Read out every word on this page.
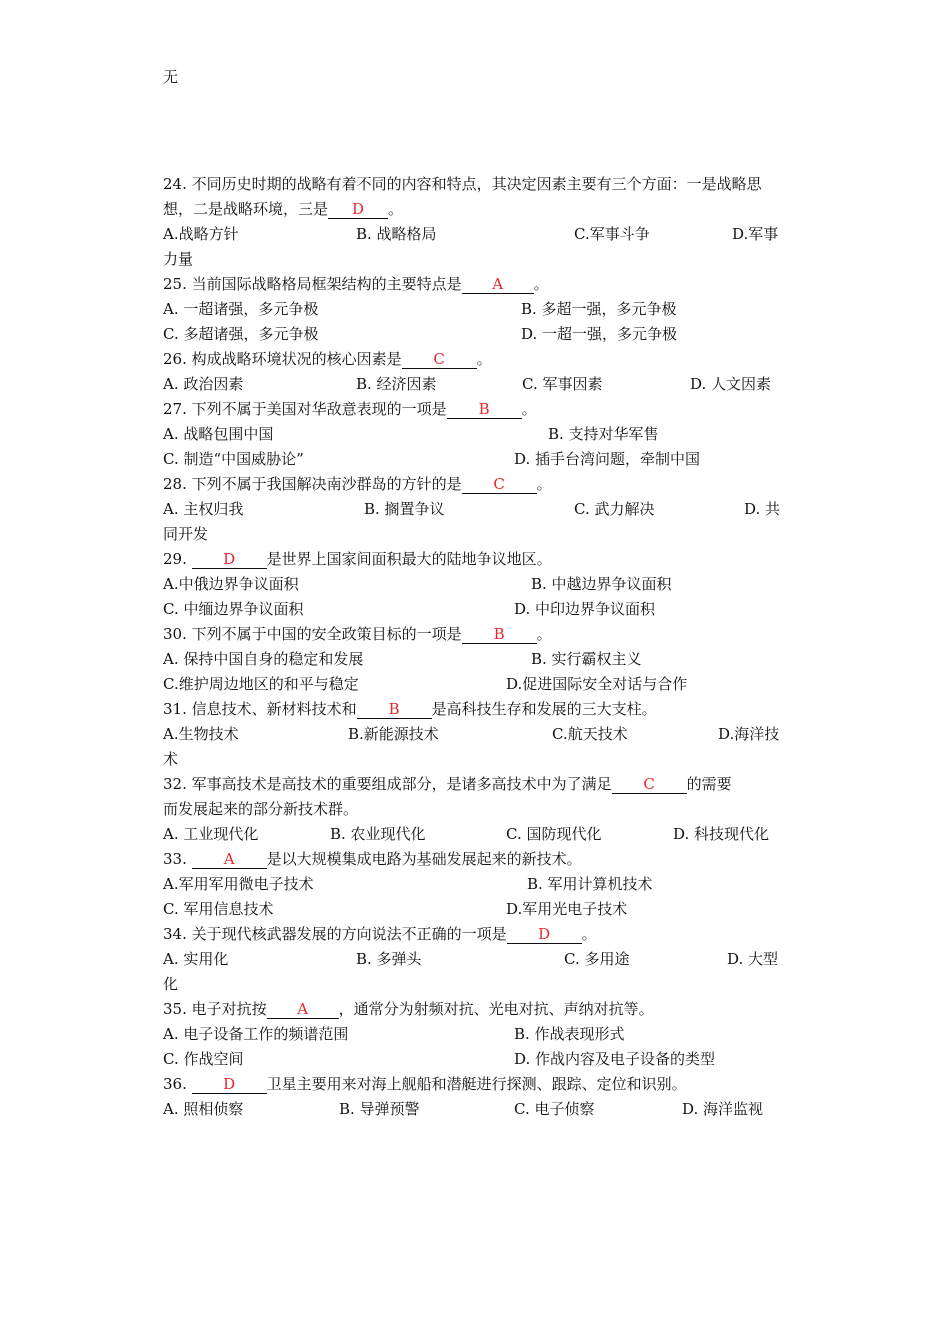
无
24. 不同历史时期的战略有着不同的内容和特点，其决定因素主要有三个方面：一是战略思想，二是战略环境，三是 D 。
A.战略方针	B. 战略格局	C.军事斗争	D.军事
力量
25. 当前国际战略格局框架结构的主要特点是 A 。
A. 一超诸强，多元争极	B. 多超一强，多元争极
C. 多超诸强，多元争极	D. 一超一强，多元争极
26. 构成战略环境状况的核心因素是 C 。
A. 政治因素	B. 经济因素	C. 军事因素	D. 人文因素
27. 下列不属于美国对华敌意表现的一项是 B 。
A. 战略包围中国	B. 支持对华军售
C. 制造“中国威胁论”	D. 插手台湾问题，牵制中国
28. 下列不属于我国解决南沙群岛的方针的是 C 。
A. 主权归我	B. 搁置争议	C. 武力解决	D. 共
同开发
29. D 是世界上国家间面积最大的陆地争议地区。
A.中俄边界争议面积	B. 中越边界争议面积
C. 中缅边界争议面积	D. 中印边界争议面积
30. 下列不属于中国的安全政策目标的一项是 B 。
A. 保持中国自身的稳定和发展	B. 实行霸权主义
C.维护周边地区的和平与稳定	D.促进国际安全对话与合作
31. 信息技术、新材料技术和 B 是高科技生存和发展的三大支柱。
A.生物技术	B.新能源技术	C.航天技术	D.海洋技
术
32. 军事高技术是高技术的重要组成部分，是诸多高技术中为了满足 C 的需要
而发展起来的部分新技术群。
A. 工业现代化	B. 农业现代化	C. 国防现代化	D. 科技现代化
33. A 是以大规模集成电路为基础发展起来的新技术。
A.军用军用微电子技术	B. 军用计算机技术
C. 军用信息技术	D.军用光电子技术
34. 关于现代核武器发展的方向说法不正确的一项是 D 。
A. 实用化	B. 多弹头	C. 多用途	D. 大型
化
35. 电子对抗按 A ，通常分为射频对抗、光电对抗、声纳对抗等。
A. 电子设备工作的频谱范围	B. 作战表现形式
C. 作战空间	D. 作战内容及电子设备的类型
36. D 卫星主要用来对海上舰船和潜艇进行探测、跟踪、定位和识别。
A. 照相侦察	B. 导弹预警	C. 电子侦察	D. 海洋监视
